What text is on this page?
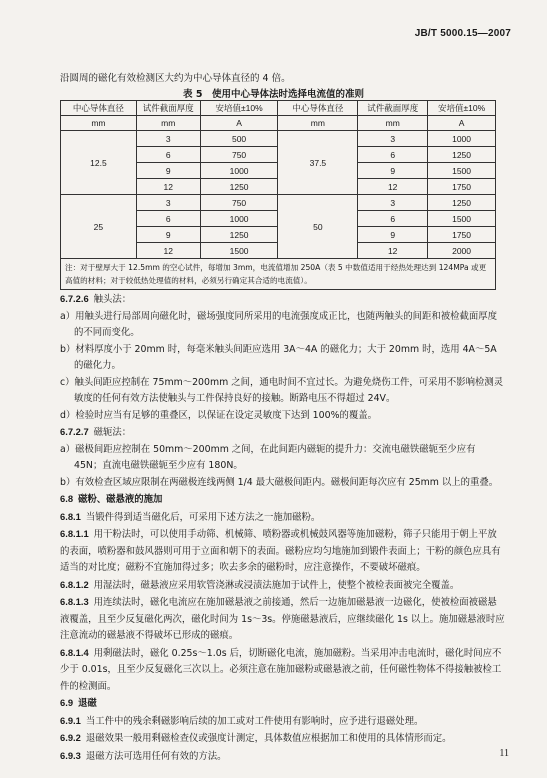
JB/T 5000.15—2007
沿圆周的磁化有效检测区大约为中心导体直径的 4 倍。
表 5　使用中心导体法时选择电流值的准则
中心导体直径	试件截面厚度	安培值±10%	中心导体直径	试件截面厚度	安培值±10%
mm	mm	A	mm	mm	A
12.5	3	500	37.5	3	1000
	6	750		6	1250
	9	1000		9	1500
	12	1250		12	1750
25	3	750	50	3	1250
	6	1000		6	1500
	9	1250		9	1750
	12	1500		12	2000
注：对于壁厚大于 12.5mm 的空心试件，每增加 3mm，电流值增加 250A（表 5 中数值适用于经热处理达到 124MPa 或更高值的材料；对于较低热处理值的材料，必须另行确定其合适的电流值）。					

6.7.2.6 触头法：

a）用触头进行局部周向磁化时，磁场强度同所采用的电流强度成正比，也随两触头的间距和被检截面厚度的不同而变化。

b）材料厚度小于 20mm 时，每毫米触头间距应选用 3A～4A 的磁化力；大于 20mm 时，选用 4A～5A 的磁化力。

c）触头间距应控制在 75mm～200mm 之间，通电时间不宜过长。为避免烧伤工件，可采用不影响检测灵敏度的任何有效方法使触头与工件保持良好的接触。断路电压不得超过 24V。

d）检验时应当有足够的重叠区，以保证在设定灵敏度下达到 100%的覆盖。

6.7.2.7 磁轭法：

a）磁极间距应控制在 50mm～200mm 之间，在此间距内磁轭的提升力：交流电磁铁磁轭至少应有 45N；直流电磁铁磁轭至少应有 180N。

b）有效检查区域应限制在两磁极连线两侧 1/4 最大磁极间距内。磁极间距每次应有 25mm 以上的重叠。

6.8 磁粉、磁悬液的施加

6.8.1 当锻件得到适当磁化后，可采用下述方法之一施加磁粉。

6.8.1.1 用干粉法时，可以使用手动筛、机械筛、喷粉器或机械鼓风器等施加磁粉，筛子只能用于朝上平放的表面，喷粉器和鼓风器则可用于立面和朝下的表面。磁粉应均匀地施加到锻件表面上；干粉的颜色应具有适当的对比度；磁粉不宜施加得过多；吹去多余的磁粉时，应注意操作，不要破坏磁痕。

6.8.1.2 用湿法时，磁悬液应采用软管浇淋或浸渍法施加于试件上，使整个被检表面被完全覆盖。

6.8.1.3 用连续法时，磁化电流应在施加磁悬液之前接通，然后一边施加磁悬液一边磁化，使被检面被磁悬液覆盖，且至少反复磁化两次，磁化时间为 1s～3s。停施磁悬液后，应继续磁化 1s 以上。施加磁悬液时应注意流动的磁悬液不得破坏已形成的磁痕。

6.8.1.4 用剩磁法时，磁化 0.25s～1.0s 后，切断磁化电流，施加磁粉。当采用冲击电流时，磁化时间应不少于 0.01s，且至少反复磁化三次以上。必须注意在施加磁粉或磁悬液之前，任何磁性物体不得接触被检工件的检测面。

6.9 退磁

6.9.1 当工件中的残余剩磁影响后续的加工或对工件使用有影响时，应予进行退磁处理。

6.9.2 退磁效果一般用剩磁检查仪或强度计测定，具体数值应根据加工和使用的具体情形而定。

6.9.3 退磁方法可选用任何有效的方法。	11
